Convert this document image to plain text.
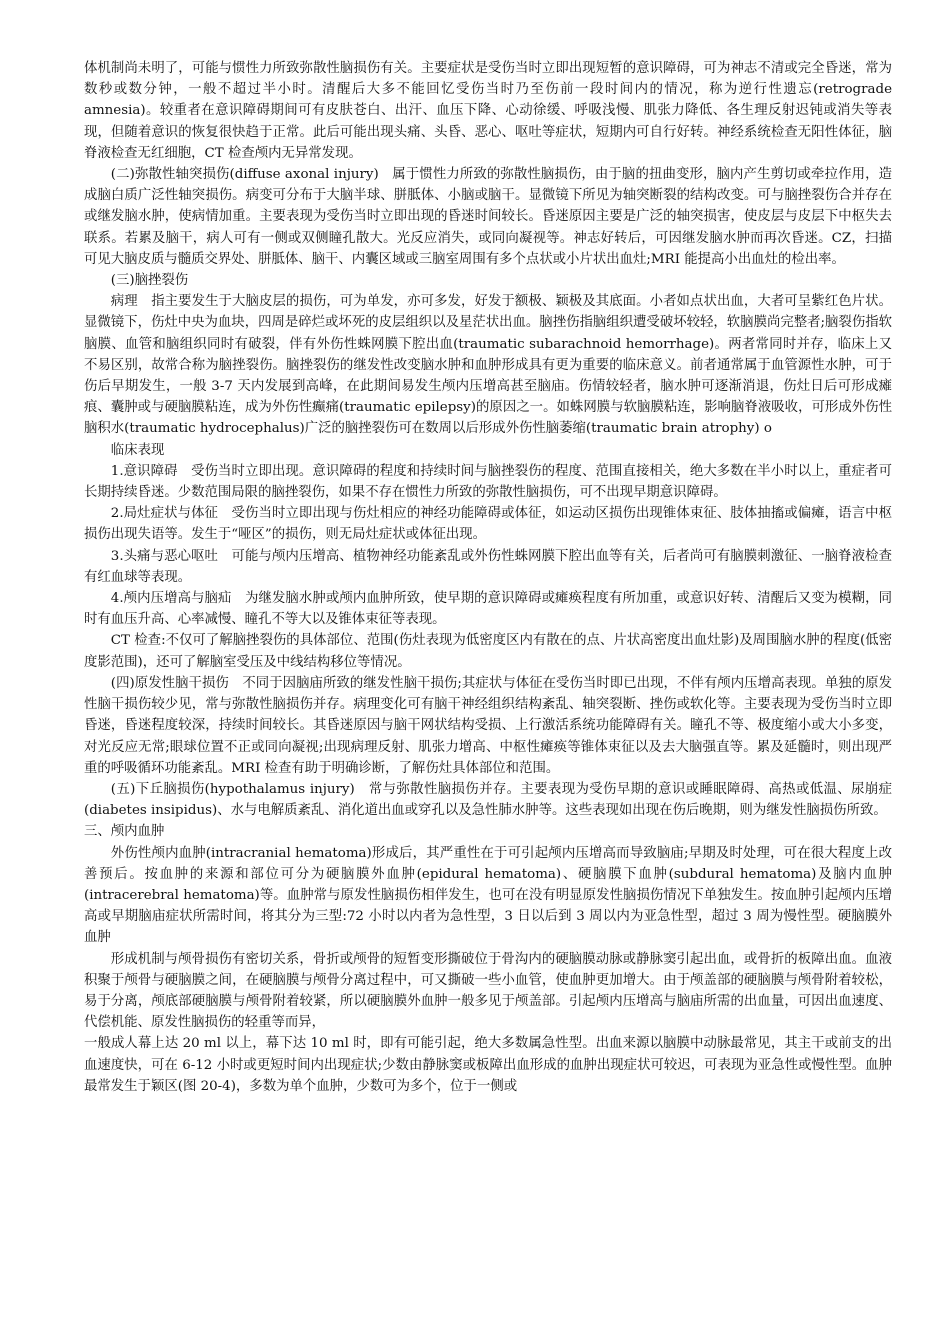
体机制尚未明了，可能与惯性力所致弥散性脑损伤有关。主要症状是受伤当时立即出现短暂的意识障碍，可为神志不清或完全昏迷，常为数秒或数分钟，一般不超过半小时。清醒后大多不能回忆受伤当时乃至伤前一段时间内的情况，称为逆行性遗忘(retrograde amnesia)。较重者在意识障碍期间可有皮肤苍白、出汗、血压下降、心动徐缓、呼吸浅慢、肌张力降低、各生理反射迟钝或消失等表现，但随着意识的恢复很快趋于正常。此后可能出现头痛、头昏、恶心、呕吐等症状，短期内可自行好转。神经系统检查无阳性体征，脑脊液检查无红细胞，CT 检查颅内无异常发现。

(二)弥散性轴突损伤(diffuse axonal injury)　属于惯性力所致的弥散性脑损伤，由于脑的扭曲变形，脑内产生剪切或牵拉作用，造成脑白质广泛性轴突损伤。病变可分布于大脑半球、胼胝体、小脑或脑干。显微镜下所见为轴突断裂的结构改变。可与脑挫裂伤合并存在或继发脑水肿，使病情加重。主要表现为受伤当时立即出现的昏迷时间较长。昏迷原因主要是广泛的轴突损害，使皮层与皮层下中枢失去联系。若累及脑干，病人可有一侧或双侧瞳孔散大。光反应消失，或同向凝视等。神志好转后，可因继发脑水肿而再次昏迷。CZ，扫描可见大脑皮质与髓质交界处、胼胝体、脑干、内囊区域或三脑室周围有多个点状或小片状出血灶;MRI 能提高小出血灶的检出率。

(三)脑挫裂伤

病理　指主要发生于大脑皮层的损伤，可为单发，亦可多发，好发于额极、颖极及其底面。小者如点状出血，大者可呈紫红色片状。显微镜下，伤灶中央为血块，四周是碎烂或坏死的皮层组织以及星茫状出血。脑挫伤指脑组织遭受破坏较轻，软脑膜尚完整者;脑裂伤指软脑膜、血管和脑组织同时有破裂，伴有外伤性蛛网膜下腔出血(traumatic subarachnoid hemorrhage)。两者常同时并存，临床上又不易区别，故常合称为脑挫裂伤。脑挫裂伤的继发性改变脑水肿和血肿形成具有更为重要的临床意义。前者通常属于血管源性水肿，可于伤后早期发生，一般 3-7 天内发展到高峰，在此期间易发生颅内压增高甚至脑庙。伤情较轻者，脑水肿可逐渐消退，伤灶日后可形成瘫痕、囊肿或与硬脑膜粘连，成为外伤性癫痛(traumatic epilepsy)的原因之一。如蛛网膜与软脑膜粘连，影响脑脊液吸收，可形成外伤性脑积水(traumatic hydrocephalus)广泛的脑挫裂伤可在数周以后形成外伤性脑萎缩(traumatic brain atrophy) o

临床表现

1.意识障碍　受伤当时立即出现。意识障碍的程度和持续时间与脑挫裂伤的程度、范围直接相关，绝大多数在半小时以上，重症者可长期持续昏迷。少数范围局限的脑挫裂伤，如果不存在惯性力所致的弥散性脑损伤，可不出现早期意识障碍。

2.局灶症状与体征　受伤当时立即出现与伤灶相应的神经功能障碍或体征，如运动区损伤出现锥体束征、肢体抽搐或偏瘫，语言中枢损伤出现失语等。发生于“哑区”的损伤，则无局灶症状或体征出现。

3.头痛与恶心呕吐　可能与颅内压增高、植物神经功能紊乱或外伤性蛛网膜下腔出血等有关，后者尚可有脑膜刺激征、一脑脊液检查有红血球等表现。

4.颅内压增高与脑疝　为继发脑水肿或颅内血肿所致，使早期的意识障碍或瘫痪程度有所加重，或意识好转、清醒后又变为模糊，同时有血压升高、心率减慢、瞳孔不等大以及锥体束征等表现。

CT 检查:不仅可了解脑挫裂伤的具体部位、范围(伤灶表现为低密度区内有散在的点、片状高密度出血灶影)及周围脑水肿的程度(低密度影范围)，还可了解脑室受压及中线结构移位等情况。

(四)原发性脑干损伤　不同于因脑庙所致的继发性脑干损伤;其症状与体征在受伤当时即已出现，不伴有颅内压增高表现。单独的原发性脑干损伤较少见，常与弥散性脑损伤并存。病理变化可有脑干神经组织结构紊乱、轴突裂断、挫伤或软化等。主要表现为受伤当时立即昏迷，昏迷程度较深，持续时间较长。其昏迷原因与脑干网状结构受损、上行激活系统功能障碍有关。瞳孔不等、极度缩小或大小多变，对光反应无常;眼球位置不正或同向凝视;出现病理反射、肌张力增高、中枢性瘫痪等锥体束征以及去大脑强直等。累及延髓时，则出现严重的呼吸循环功能紊乱。MRI 检查有助于明确诊断，了解伤灶具体部位和范围。

(五)下丘脑损伤(hypothalamus injury)　常与弥散性脑损伤并存。主要表现为受伤早期的意识或睡眠障碍、高热或低温、尿崩症(diabetes insipidus)、水与电解质紊乱、消化道出血或穿孔以及急性肺水肿等。这些表现如出现在伤后晚期，则为继发性脑损伤所致。

三、颅内血肿

外伤性颅内血肿(intracranial hematoma)形成后，其严重性在于可引起颅内压增高而导致脑庙;早期及时处理，可在很大程度上改善预后。按血肿的来源和部位可分为硬脑膜外血肿(epidural hematoma)、硬脑膜下血肿(subdural hematoma)及脑内血肿(intracerebral hematoma)等。血肿常与原发性脑损伤相伴发生，也可在没有明显原发性脑损伤情况下单独发生。按血肿引起颅内压增高或早期脑庙症状所需时间，将其分为三型:72 小时以内者为急性型，3 日以后到 3 周以内为亚急性型，超过 3 周为慢性型。硬脑膜外血肿

形成机制与颅骨损伤有密切关系，骨折或颅骨的短暂变形撕破位于骨沟内的硬脑膜动脉或静脉窦引起出血，或骨折的板障出血。血液积聚于颅骨与硬脑膜之间，在硬脑膜与颅骨分离过程中，可又撕破一些小血管，使血肿更加增大。由于颅盖部的硬脑膜与颅骨附着较松，易于分离，颅底部硬脑膜与颅骨附着较紧，所以硬脑膜外血肿一般多见于颅盖部。引起颅内压增高与脑庙所需的出血量，可因出血速度、代偿机能、原发性脑损伤的轻重等而异，

一般成人幕上达 20 ml 以上，幕下达 10 ml 时，即有可能引起，绝大多数属急性型。出血来源以脑膜中动脉最常见，其主干或前支的出血速度快，可在 6-12 小时或更短时间内出现症状;少数由静脉窦或板障出血形成的血肿出现症状可较迟，可表现为亚急性或慢性型。血肿最常发生于颖区(图 20-4)，多数为单个血肿，少数可为多个，位于一侧或
